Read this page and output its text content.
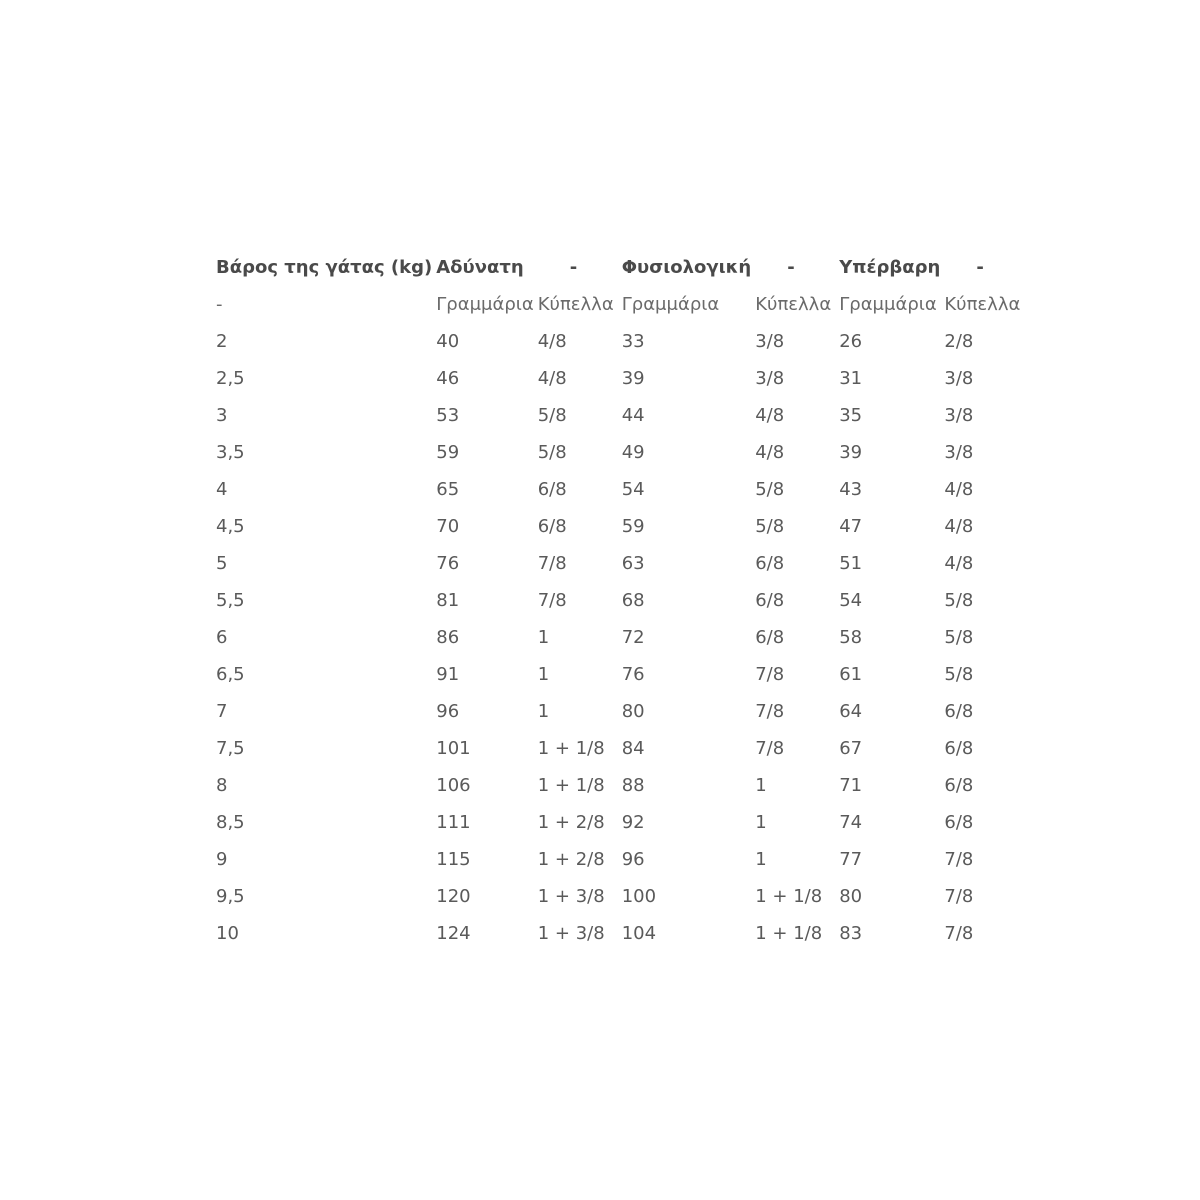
Βάρος της γάτας (kg)	Αδύνατη	-	Φυσιολογική	-	Υπέρβαρη	-
-	Γραμμάρια	Κύπελλα	Γραμμάρια	Κύπελλα	Γραμμάρια	Κύπελλα
2	40	4/8	33	3/8	26	2/8
2,5	46	4/8	39	3/8	31	3/8
3	53	5/8	44	4/8	35	3/8
3,5	59	5/8	49	4/8	39	3/8
4	65	6/8	54	5/8	43	4/8
4,5	70	6/8	59	5/8	47	4/8
5	76	7/8	63	6/8	51	4/8
5,5	81	7/8	68	6/8	54	5/8
6	86	1	72	6/8	58	5/8
6,5	91	1	76	7/8	61	5/8
7	96	1	80	7/8	64	6/8
7,5	101	1 + 1/8	84	7/8	67	6/8
8	106	1 + 1/8	88	1	71	6/8
8,5	111	1 + 2/8	92	1	74	6/8
9	115	1 + 2/8	96	1	77	7/8
9,5	120	1 + 3/8	100	1 + 1/8	80	7/8
10	124	1 + 3/8	104	1 + 1/8	83	7/8
